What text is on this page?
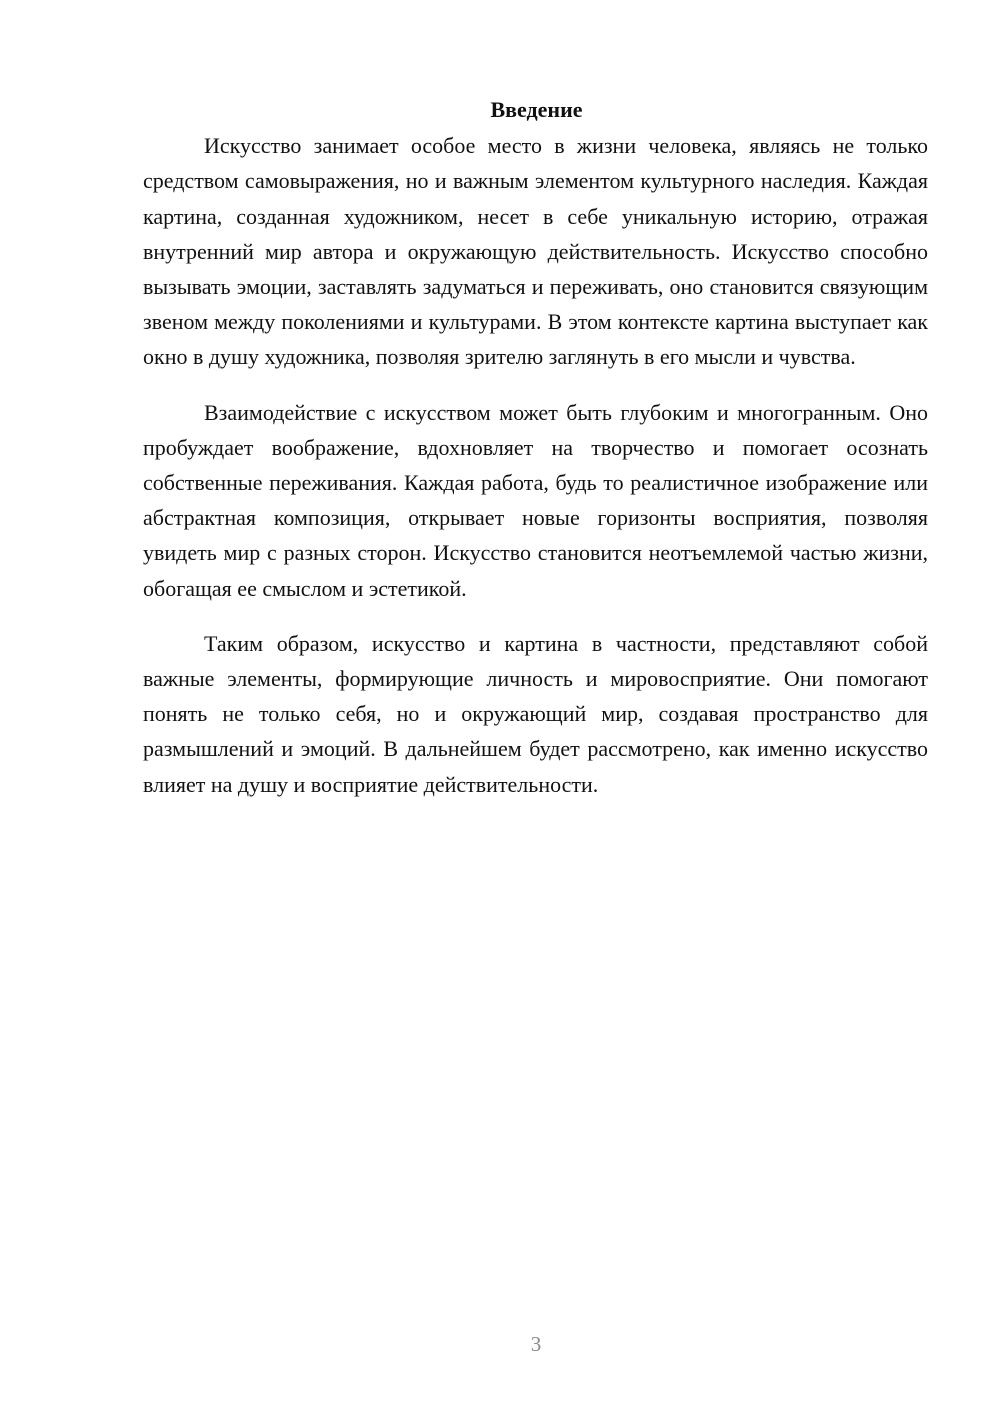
Введение

Искусство занимает особое место в жизни человека, являясь не только средством самовыражения, но и важным элементом культурного наследия. Каждая картина, созданная художником, несет в себе уникальную историю, отражая внутренний мир автора и окружающую действительность. Искусство способно вызывать эмоции, заставлять задуматься и переживать, оно становится связующим звеном между поколениями и культурами. В этом контексте картина выступает как окно в душу художника, позволяя зрителю заглянуть в его мысли и чувства.

Взаимодействие с искусством может быть глубоким и многогранным. Оно пробуждает воображение, вдохновляет на творчество и помогает осознать собственные переживания. Каждая работа, будь то реалистичное изображение или абстрактная композиция, открывает новые горизонты восприятия, позволяя увидеть мир с разных сторон. Искусство становится неотъемлемой частью жизни, обогащая ее смыслом и эстетикой.

Таким образом, искусство и картина в частности, представляют собой важные элементы, формирующие личность и мировосприятие. Они помогают понять не только себя, но и окружающий мир, создавая пространство для размышлений и эмоций. В дальнейшем будет рассмотрено, как именно искусство влияет на душу и восприятие действительности.

3
